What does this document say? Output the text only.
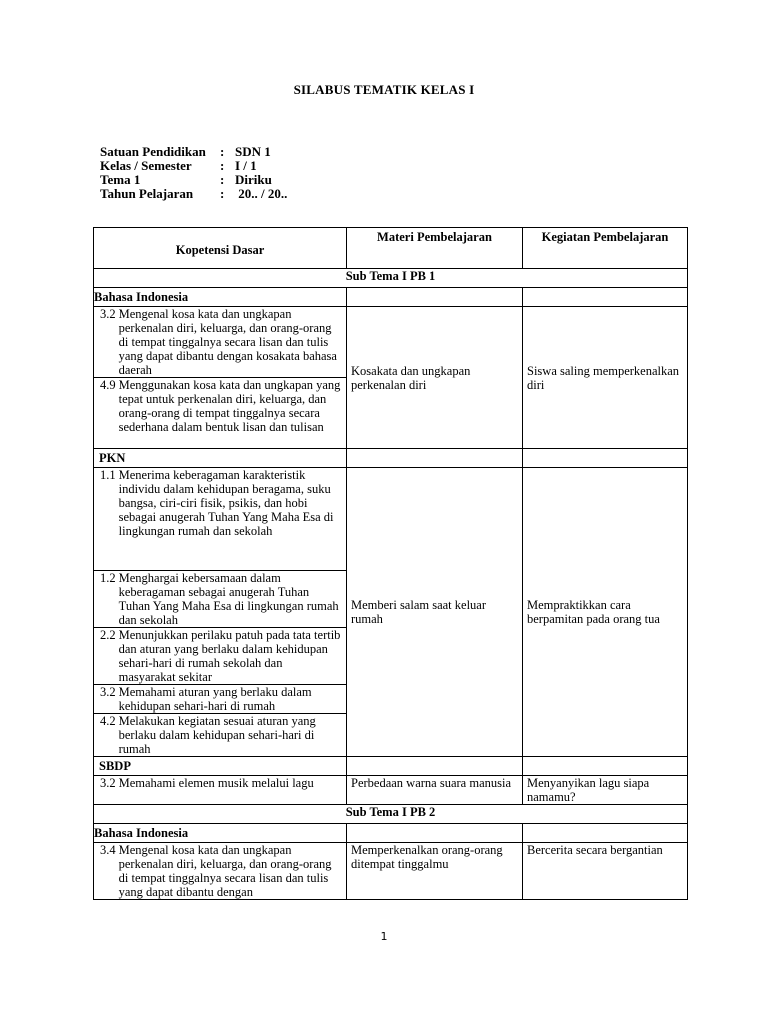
SILABUS TEMATIK KELAS I
Satuan Pendidikan	:	SDN 1
Kelas / Semester	:	I / 1
Tema 1	:	Diriku
Tahun Pelajaran	:	20.. / 20..
Kopetensi Dasar	Materi Pembelajaran	Kegiatan Pembelajaran
Sub Tema I PB 1		
Bahasa Indonesia		

3.2 Mengenal kosa kata dan ungkapan perkenalan diri, keluarga, dan orang-orang di tempat tinggalnya secara lisan dan tulis yang dapat dibantu dengan kosakata bahasa daerah	Kosakata dan ungkapan perkenalan diri	Siswa saling memperkenalkan diri

4.9 Menggunakan kosa kata dan ungkapan yang tepat untuk perkenalan diri, keluarga, dan orang-orang di tempat tinggalnya secara sederhana dalam bentuk lisan dan tulisan		

PKN		

1.1 Menerima keberagaman karakteristik individu dalam kehidupan beragama, suku bangsa, ciri-ciri fisik, psikis, dan hobi sebagai anugerah Tuhan Yang Maha Esa di lingkungan rumah dan sekolah	Memberi salam saat keluar rumah	Mempraktikkan cara berpamitan pada orang tua

1.2 Menghargai kebersamaan dalam keberagaman sebagai anugerah Tuhan Tuhan Yang Maha Esa di lingkungan rumah dan sekolah		

2.2 Menunjukkan perilaku patuh pada tata tertib dan aturan yang berlaku dalam kehidupan sehari-hari di rumah sekolah dan masyarakat sekitar		

3.2 Memahami aturan yang berlaku dalam kehidupan sehari-hari di rumah		

4.2 Melakukan kegiatan sesuai aturan yang berlaku dalam kehidupan sehari-hari di rumah		

SBDP		

3.2 Memahami elemen musik melalui lagu	Perbedaan warna suara manusia	Menyanyikan lagu siapa namamu?
Sub Tema I PB 2		
Bahasa Indonesia		

3.4 Mengenal kosa kata dan ungkapan perkenalan diri, keluarga, dan orang-orang di tempat tinggalnya secara lisan dan tulis yang dapat dibantu dengan	Memperkenalkan orang-orang ditempat tinggalmu	Bercerita secara bergantian
1
